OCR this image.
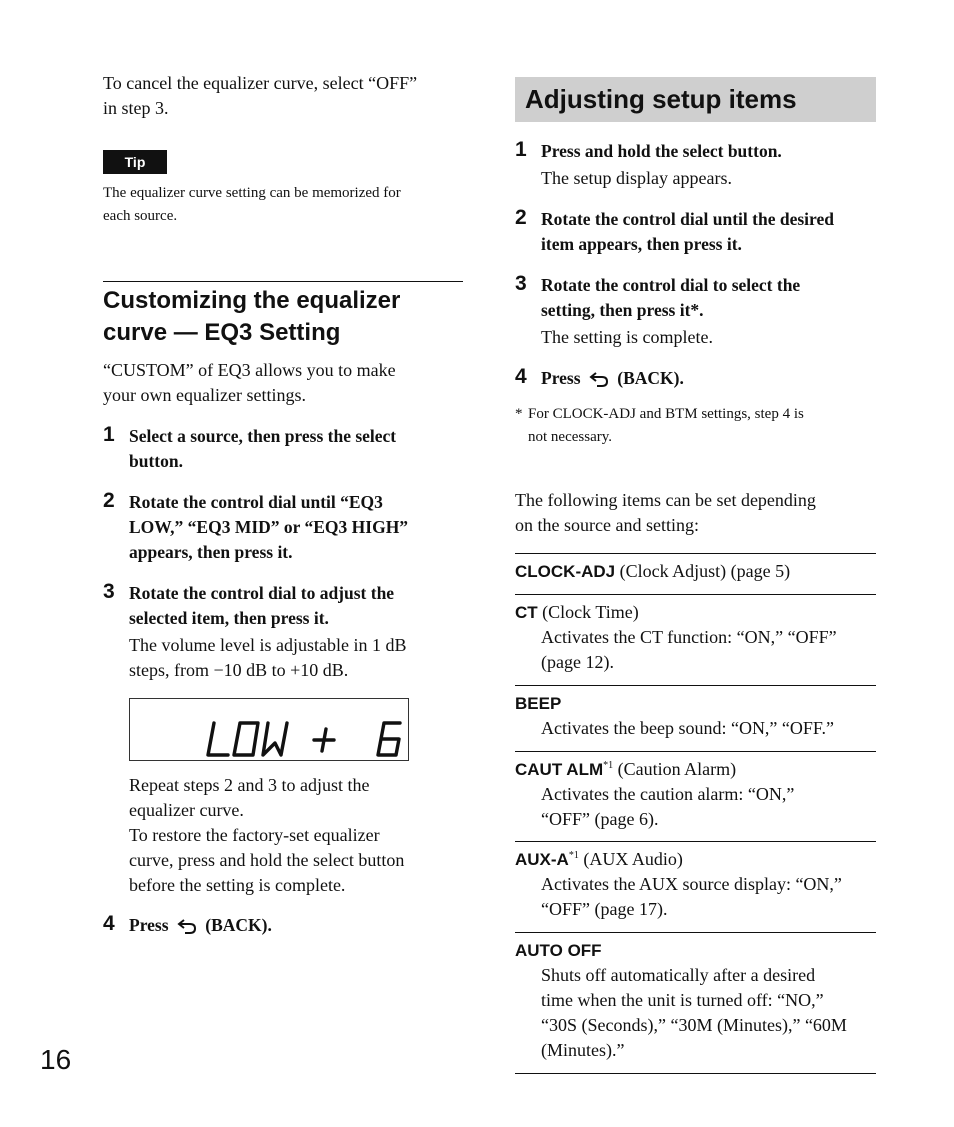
To cancel the equalizer curve, select “OFF”
in step 3.
Tip
The equalizer curve setting can be memorized for
each source.
Customizing the equalizer
curve — EQ3 Setting
“CUSTOM” of EQ3 allows you to make
your own equalizer settings.
1 Select a source, then press the select
button.
2 Rotate the control dial until “EQ3
LOW,” “EQ3 MID” or “EQ3 HIGH”
appears, then press it.
3 Rotate the control dial to adjust the
selected item, then press it.
The volume level is adjustable in 1 dB
steps, from −10 dB to +10 dB.
Repeat steps 2 and 3 to adjust the
equalizer curve.
To restore the factory-set equalizer
curve, press and hold the select button
before the setting is complete.
4 Press (BACK).
16
Adjusting setup items
1 Press and hold the select button.
The setup display appears.
2 Rotate the control dial until the desired
item appears, then press it.
3 Rotate the control dial to select the
setting, then press it*.
The setting is complete.
4 Press (BACK).
* For CLOCK-ADJ and BTM settings, step 4 is
not necessary.
The following items can be set depending
on the source and setting:
CLOCK-ADJ (Clock Adjust) (page 5)
CT (Clock Time)
Activates the CT function: “ON,” “OFF”
(page 12).
BEEP
Activates the beep sound: “ON,” “OFF.”
CAUT ALM$^{*1}$ (Caution Alarm)
Activates the caution alarm: “ON,”
“OFF” (page 6).
AUX-$A^{*1}$ (AUX Audio)
Activates the AUX source display: “ON,”
“OFF” (page 17).
AUTO OFF
Shuts off automatically after a desired
time when the unit is turned off: “NO,”
“30S (Seconds),” “30M (Minutes),” “60M
(Minutes).”
